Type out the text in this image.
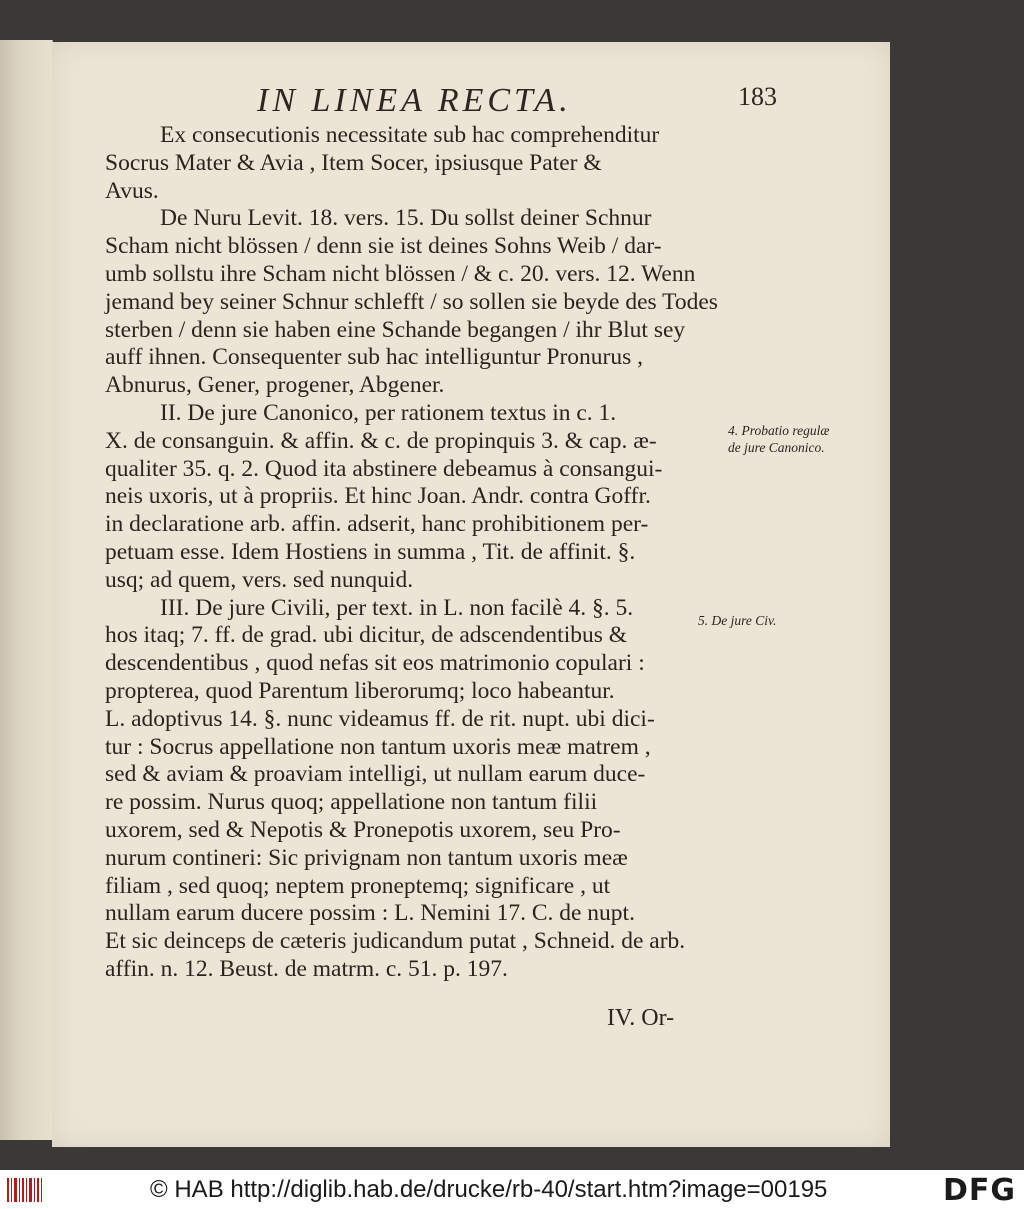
IN LINEA RECTA.	183
Ex consecutionis necessitate sub hac comprehenditur
Socrus Mater & Avia , Item Socer, ipsiusque Pater &
Avus.
De Nuru Levit. 18. vers. 15. Du sollst deiner Schnur
Scham nicht blössen / denn sie ist deines Sohns Weib / dar-
umb sollstu ihre Scham nicht blössen / & c. 20. vers. 12. Wenn
jemand bey seiner Schnur schlefft / so sollen sie beyde des Todes
sterben / denn sie haben eine Schande begangen / ihr Blut sey
auff ihnen. Consequenter sub hac intelliguntur Pronurus ,
Abnurus, Gener, progener, Abgener.
II. De jure Canonico, per rationem textus in c. 1.
X. de consanguin. & affin. & c. de propinquis 3. & cap. æ-
qualiter 35. q. 2. Quod ita abstinere debeamus à consangui-
neis uxoris, ut à propriis. Et hinc Joan. Andr. contra Goffr.
in declaratione arb. affin. adserit, hanc prohibitionem per-
petuam esse. Idem Hostiens in summa , Tit. de affinit. §.
usq; ad quem, vers. sed nunquid.
III. De jure Civili, per text. in L. non facilè 4. §. 5.
hos itaq; 7. ff. de grad. ubi dicitur, de adscendentibus &
descendentibus , quod nefas sit eos matrimonio copulari :
propterea, quod Parentum liberorumq; loco habeantur.
L. adoptivus 14. §. nunc videamus ff. de rit. nupt. ubi dici-
tur : Socrus appellatione non tantum uxoris meæ matrem ,
sed & aviam & proaviam intelligi, ut nullam earum duce-
re possim. Nurus quoq; appellatione non tantum filii
uxorem, sed & Nepotis & Pronepotis uxorem, seu Pro-
nurum contineri: Sic privignam non tantum uxoris meæ
filiam , sed quoq; neptem proneptemq; significare , ut
nullam earum ducere possim : L. Nemini 17. C. de nupt.
Et sic deinceps de cæteris judicandum putat , Schneid. de arb.
affin. n. 12. Beust. de matrm. c. 51. p. 197.
4. Probatio regulæ de jure Canonico.
5. De jure Civ.
IV. Or-
© HAB http://diglib.hab.de/drucke/rb-40/start.htm?image=00195	DFG
